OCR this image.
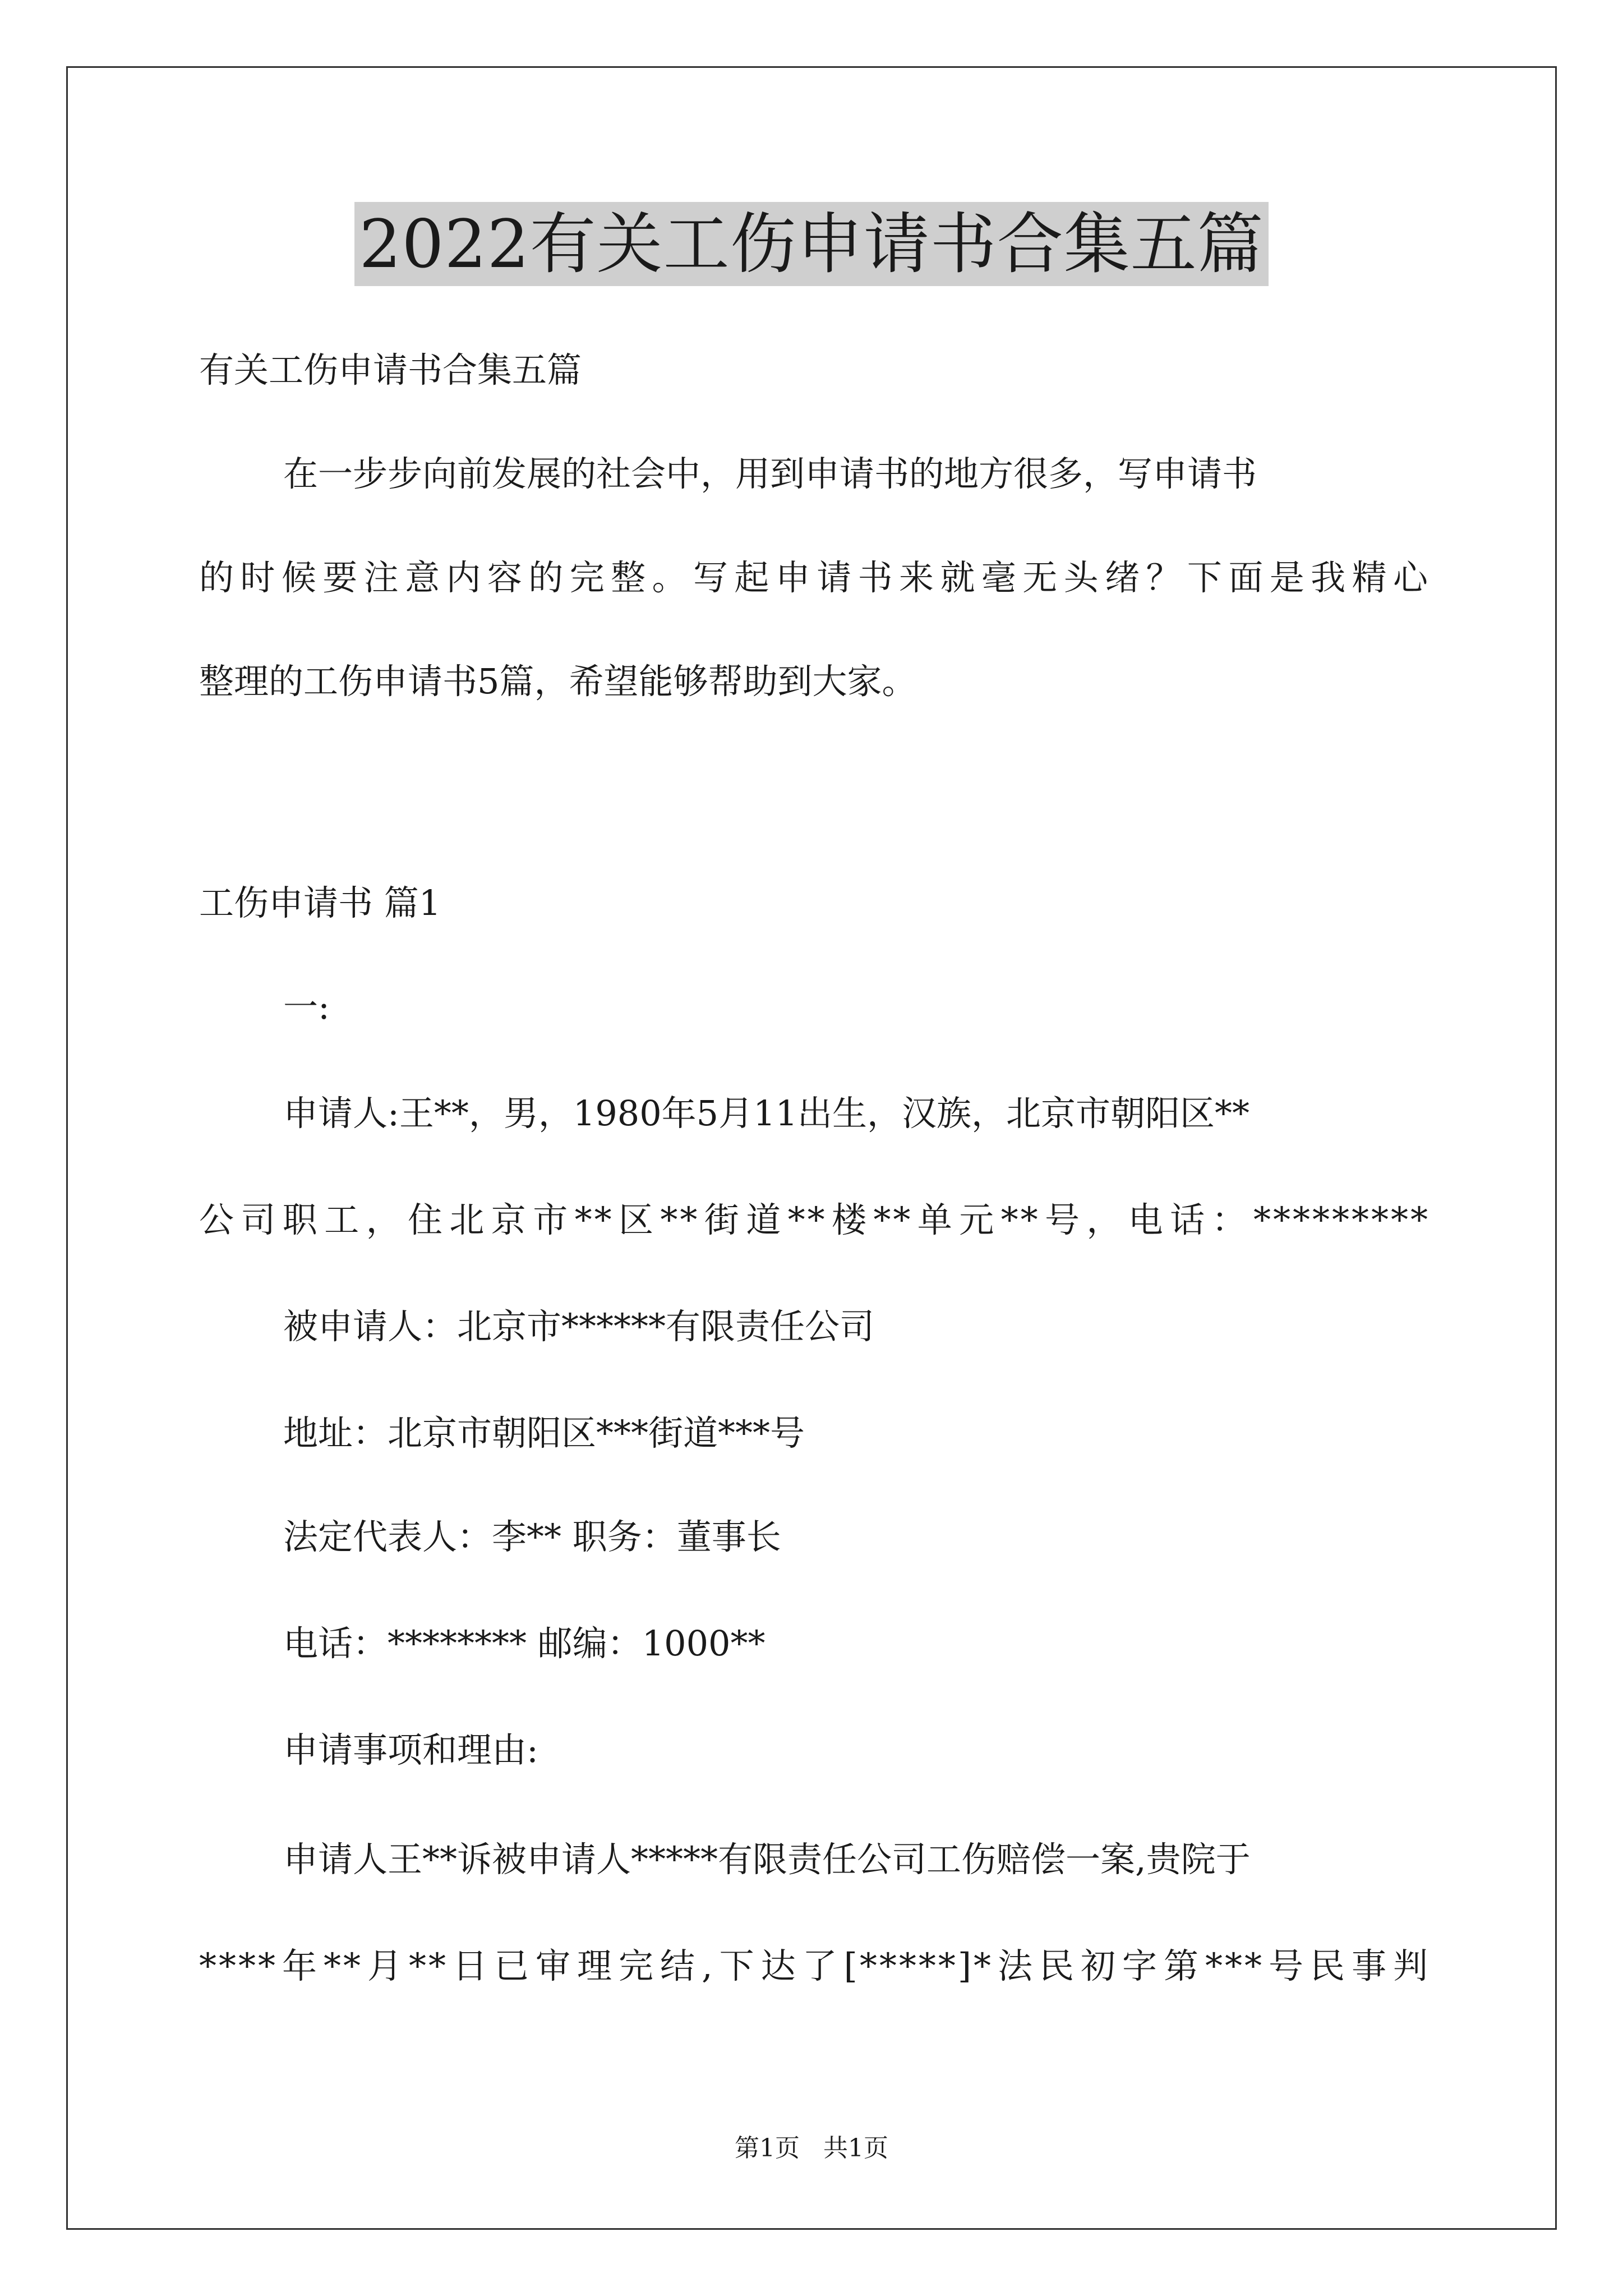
2022有关工伤申请书合集五篇
有关工伤申请书合集五篇
在一步步向前发展的社会中，用到申请书的地方很多，写申请书
的时候要注意内容的完整。写起申请书来就毫无头绪？下面是我精心
整理的工伤申请书5篇，希望能够帮助到大家。
工伤申请书 篇1
一:
申请人:王**，男，1980年5月11出生，汉族，北京市朝阳区**
公司职工，住北京市**区**街道**楼**单元**号，电话：*********
被申请人：北京市******有限责任公司
地址：北京市朝阳区***街道***号
法定代表人：李** 职务：董事长
电话：******** 邮编：1000**
申请事项和理由:
申请人王**诉被申请人*****有限责任公司工伤赔偿一案,贵院于
****年**月**日已审理完结,下达了[*****]*法民初字第***号民事判
第1页   共1页
